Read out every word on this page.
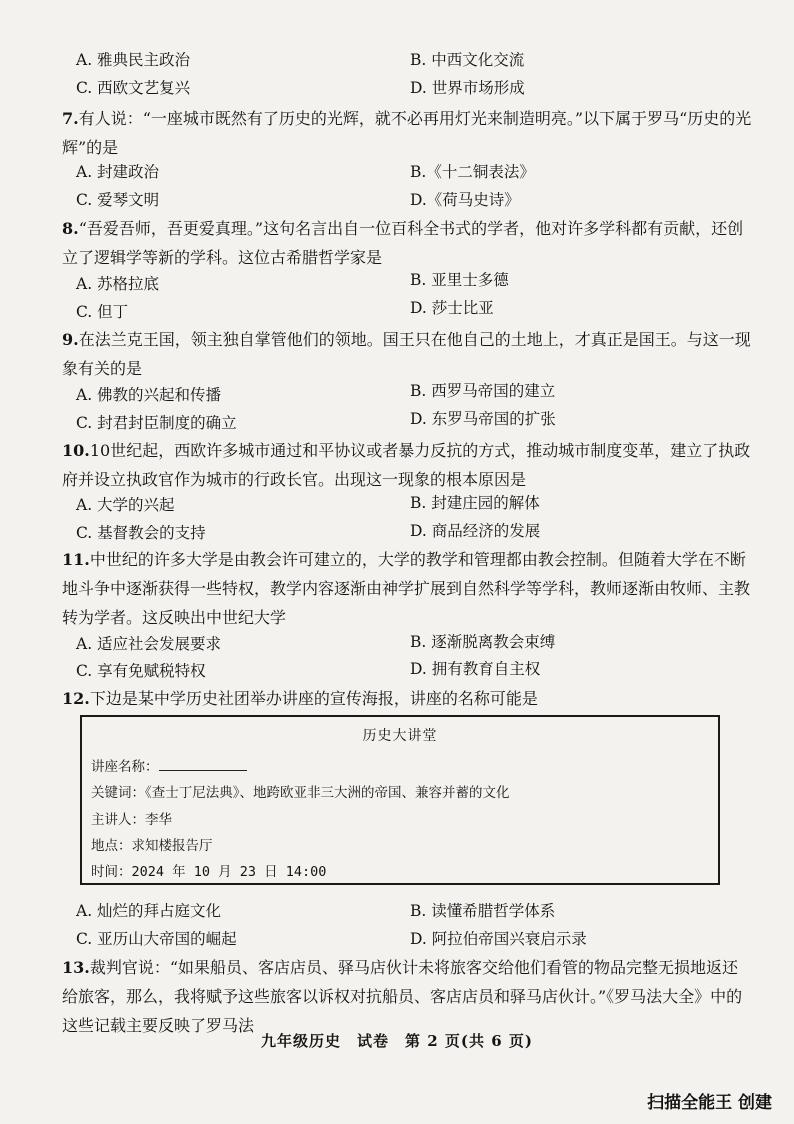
A. 雅典民主政治	B. 中西文化交流
C. 西欧文艺复兴	D. 世界市场形成
7.有人说：“一座城市既然有了历史的光辉，就不必再用灯光来制造明亮。”以下属于罗马“历史的光辉”的是
A. 封建政治	B.《十二铜表法》
C. 爱琴文明	D.《荷马史诗》
8.“吾爱吾师，吾更爱真理。”这句名言出自一位百科全书式的学者，他对许多学科都有贡献，还创立了逻辑学等新的学科。这位古希腊哲学家是
A. 苏格拉底	B. 亚里士多德
C. 但丁	D. 莎士比亚
9.在法兰克王国，领主独自掌管他们的领地。国王只在他自己的土地上，才真正是国王。与这一现象有关的是
A. 佛教的兴起和传播	B. 西罗马帝国的建立
C. 封君封臣制度的确立	D. 东罗马帝国的扩张
10.10世纪起，西欧许多城市通过和平协议或者暴力反抗的方式，推动城市制度变革，建立了执政府并设立执政官作为城市的行政长官。出现这一现象的根本原因是
A. 大学的兴起	B. 封建庄园的解体
C. 基督教会的支持	D. 商品经济的发展
11.中世纪的许多大学是由教会许可建立的，大学的教学和管理都由教会控制。但随着大学在不断地斗争中逐渐获得一些特权，教学内容逐渐由神学扩展到自然科学等学科，教师逐渐由牧师、主教转为学者。这反映出中世纪大学
A. 适应社会发展要求	B. 逐渐脱离教会束缚
C. 享有免赋税特权	D. 拥有教育自主权
12.下边是某中学历史社团举办讲座的宣传海报，讲座的名称可能是
历史大讲堂
讲座名称：
关键词：《查士丁尼法典》、地跨欧亚非三大洲的帝国、兼容并蓄的文化
主讲人：李华
地点：求知楼报告厅
时间：2024 年 10 月 23 日 14:00
A. 灿烂的拜占庭文化	B. 读懂希腊哲学体系
C. 亚历山大帝国的崛起	D. 阿拉伯帝国兴衰启示录
13.裁判官说：“如果船员、客店店员、驿马店伙计未将旅客交给他们看管的物品完整无损地返还给旅客，那么，我将赋予这些旅客以诉权对抗船员、客店店员和驿马店伙计。”《罗马法大全》中的这些记载主要反映了罗马法
九年级历史　试卷　第 2 页(共 6 页)
扫描全能王 创建
